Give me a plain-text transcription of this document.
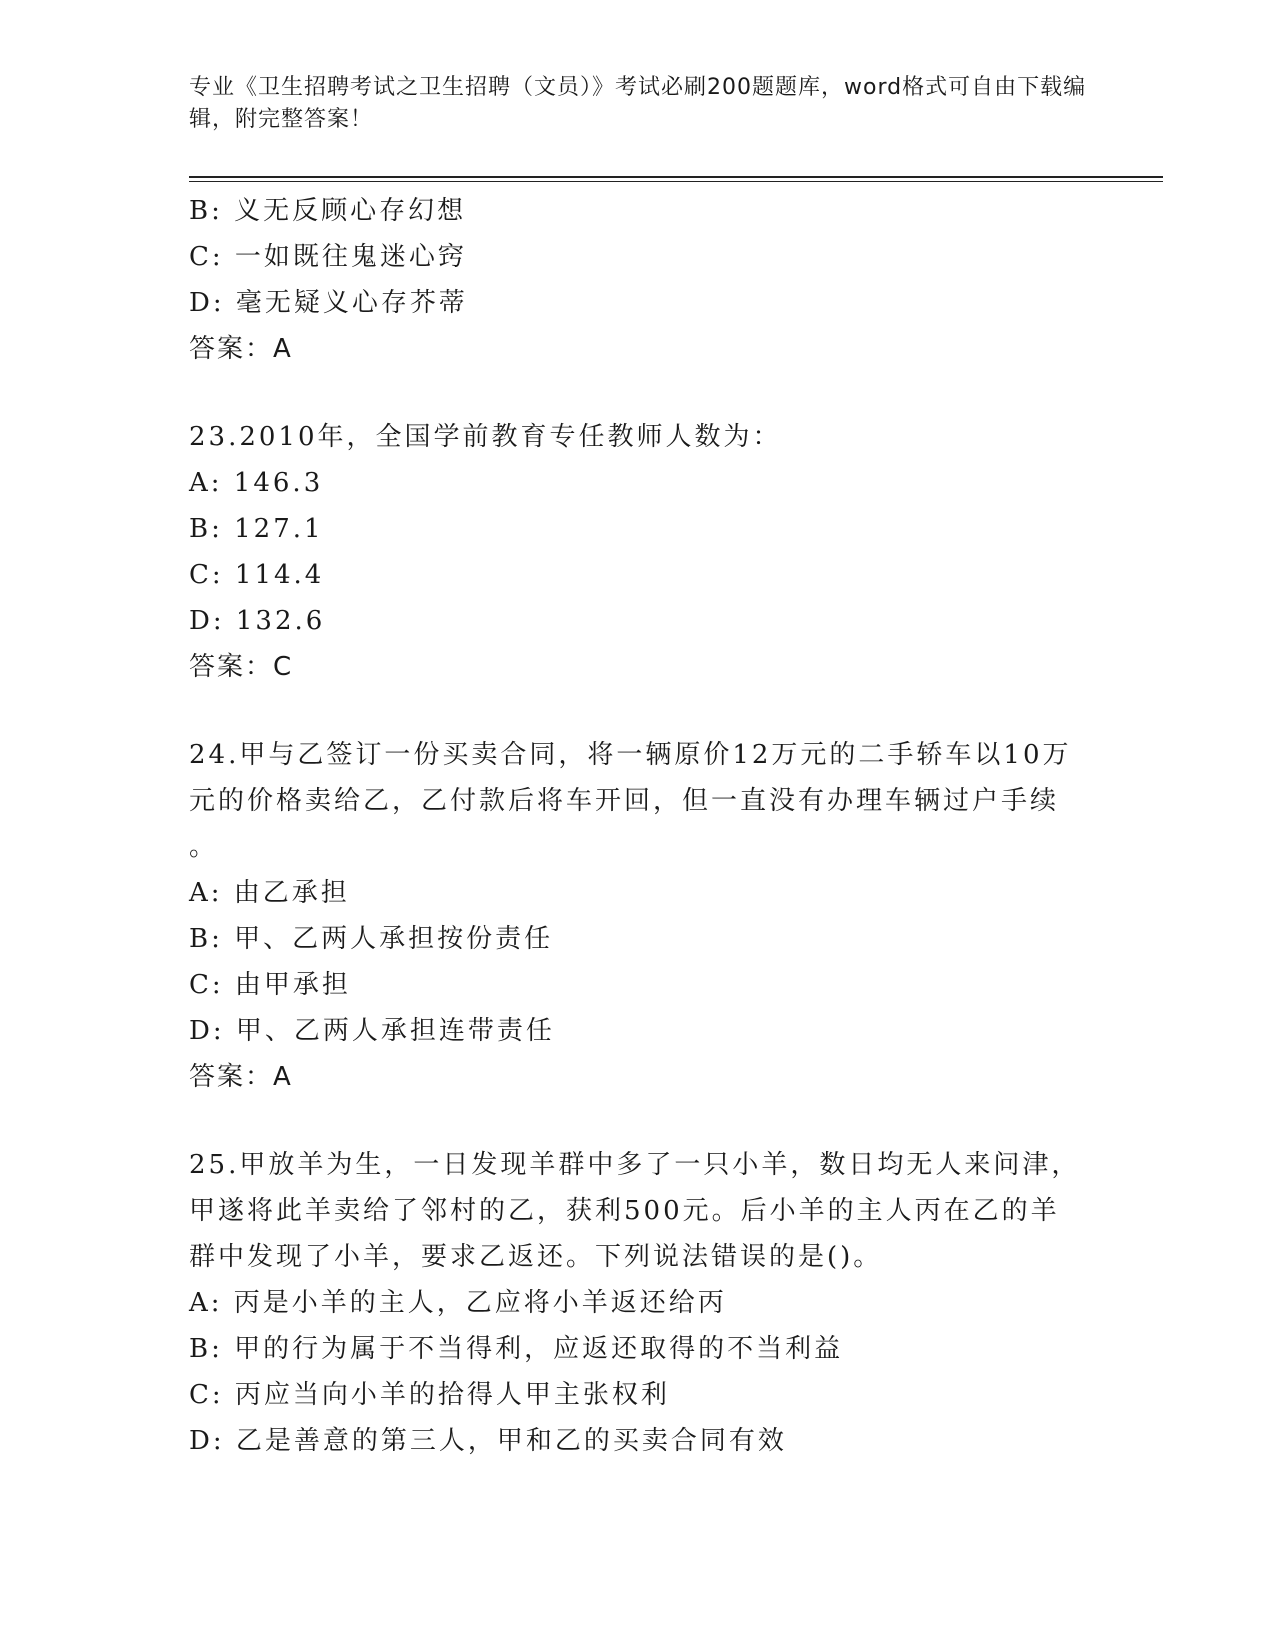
专业《卫生招聘考试之卫生招聘（文员）》考试必刷200题题库，word格式可自由下载编辑，附完整答案！
B: 义无反顾心存幻想
C: 一如既往鬼迷心窍
D: 毫无疑义心存芥蒂
答案：A
23.2010年，全国学前教育专任教师人数为：
A: 146.3
B: 127.1
C: 114.4
D: 132.6
答案：C
24.甲与乙签订一份买卖合同，将一辆原价12万元的二手轿车以10万
元的价格卖给乙，乙付款后将车开回，但一直没有办理车辆过户手续
。
A: 由乙承担
B: 甲、乙两人承担按份责任
C: 由甲承担
D: 甲、乙两人承担连带责任
答案：A
25.甲放羊为生，一日发现羊群中多了一只小羊，数日均无人来问津，
甲遂将此羊卖给了邻村的乙，获利500元。后小羊的主人丙在乙的羊
群中发现了小羊，要求乙返还。下列说法错误的是()。
A: 丙是小羊的主人，乙应将小羊返还给丙
B: 甲的行为属于不当得利，应返还取得的不当利益
C: 丙应当向小羊的拾得人甲主张权利
D: 乙是善意的第三人，甲和乙的买卖合同有效
